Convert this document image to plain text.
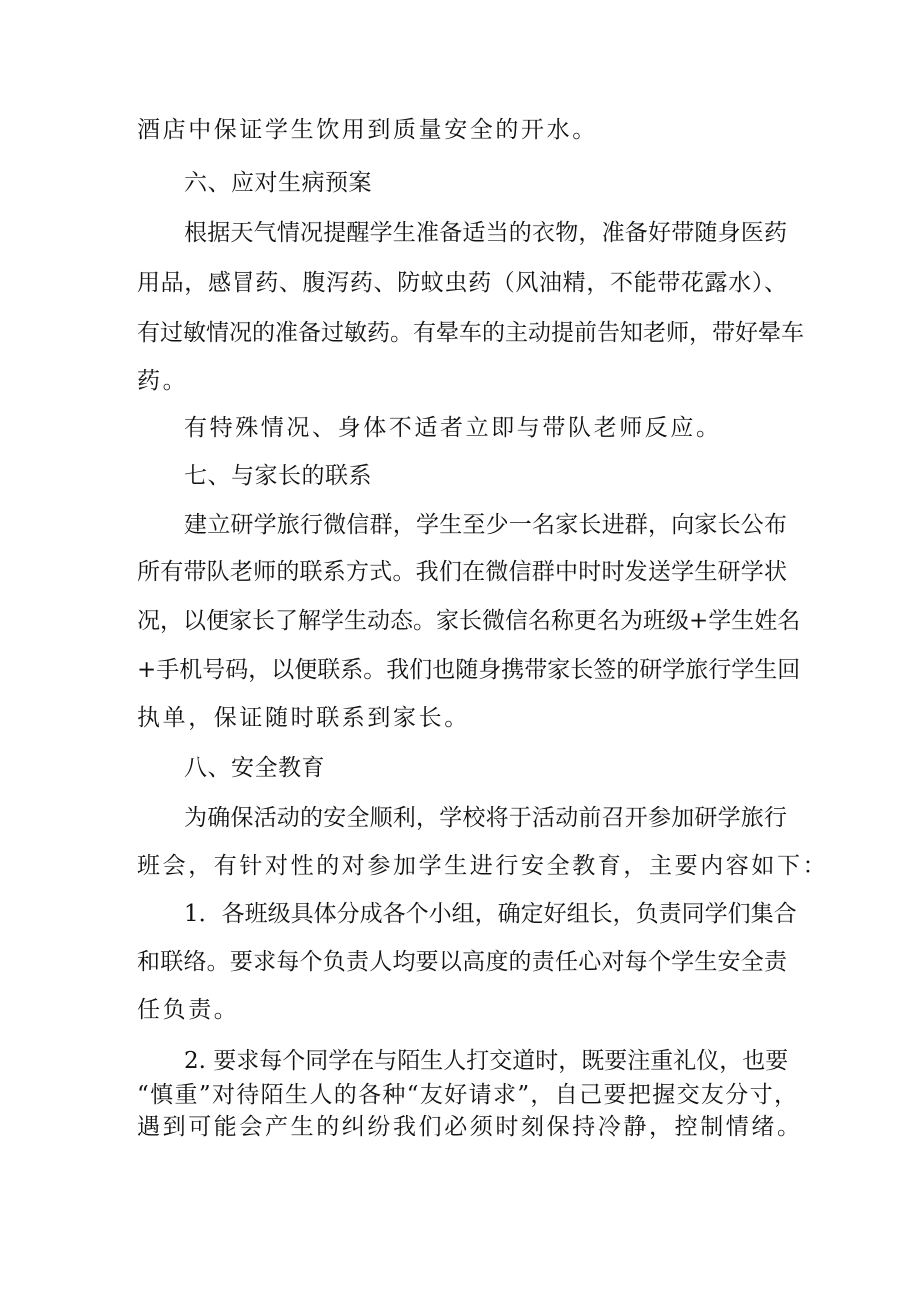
酒店中保证学生饮用到质量安全的开水。
六、应对生病预案
根据天气情况提醒学生准备适当的衣物，准备好带随身医药
用品，感冒药、腹泻药、防蚊虫药（风油精，不能带花露水）、
有过敏情况的准备过敏药。有晕车的主动提前告知老师，带好晕车
药。
有特殊情况、身体不适者立即与带队老师反应。
七、与家长的联系
建立研学旅行微信群，学生至少一名家长进群，向家长公布
所有带队老师的联系方式。我们在微信群中时时发送学生研学状
况，以便家长了解学生动态。家长微信名称更名为班级+学生姓名
+手机号码，以便联系。我们也随身携带家长签的研学旅行学生回
执单，保证随时联系到家长。
八、安全教育
为确保活动的安全顺利，学校将于活动前召开参加研学旅行
班会，有针对性的对参加学生进行安全教育，主要内容如下：
1．各班级具体分成各个小组，确定好组长，负责同学们集合
和联络。要求每个负责人均要以高度的责任心对每个学生安全责
任负责。
2. 要求每个同学在与陌生人打交道时，既要注重礼仪，也要
“慎重”对待陌生人的各种“友好请求”，自己要把握交友分寸，
遇到可能会产生的纠纷我们必须时刻保持冷静，控制情绪。
